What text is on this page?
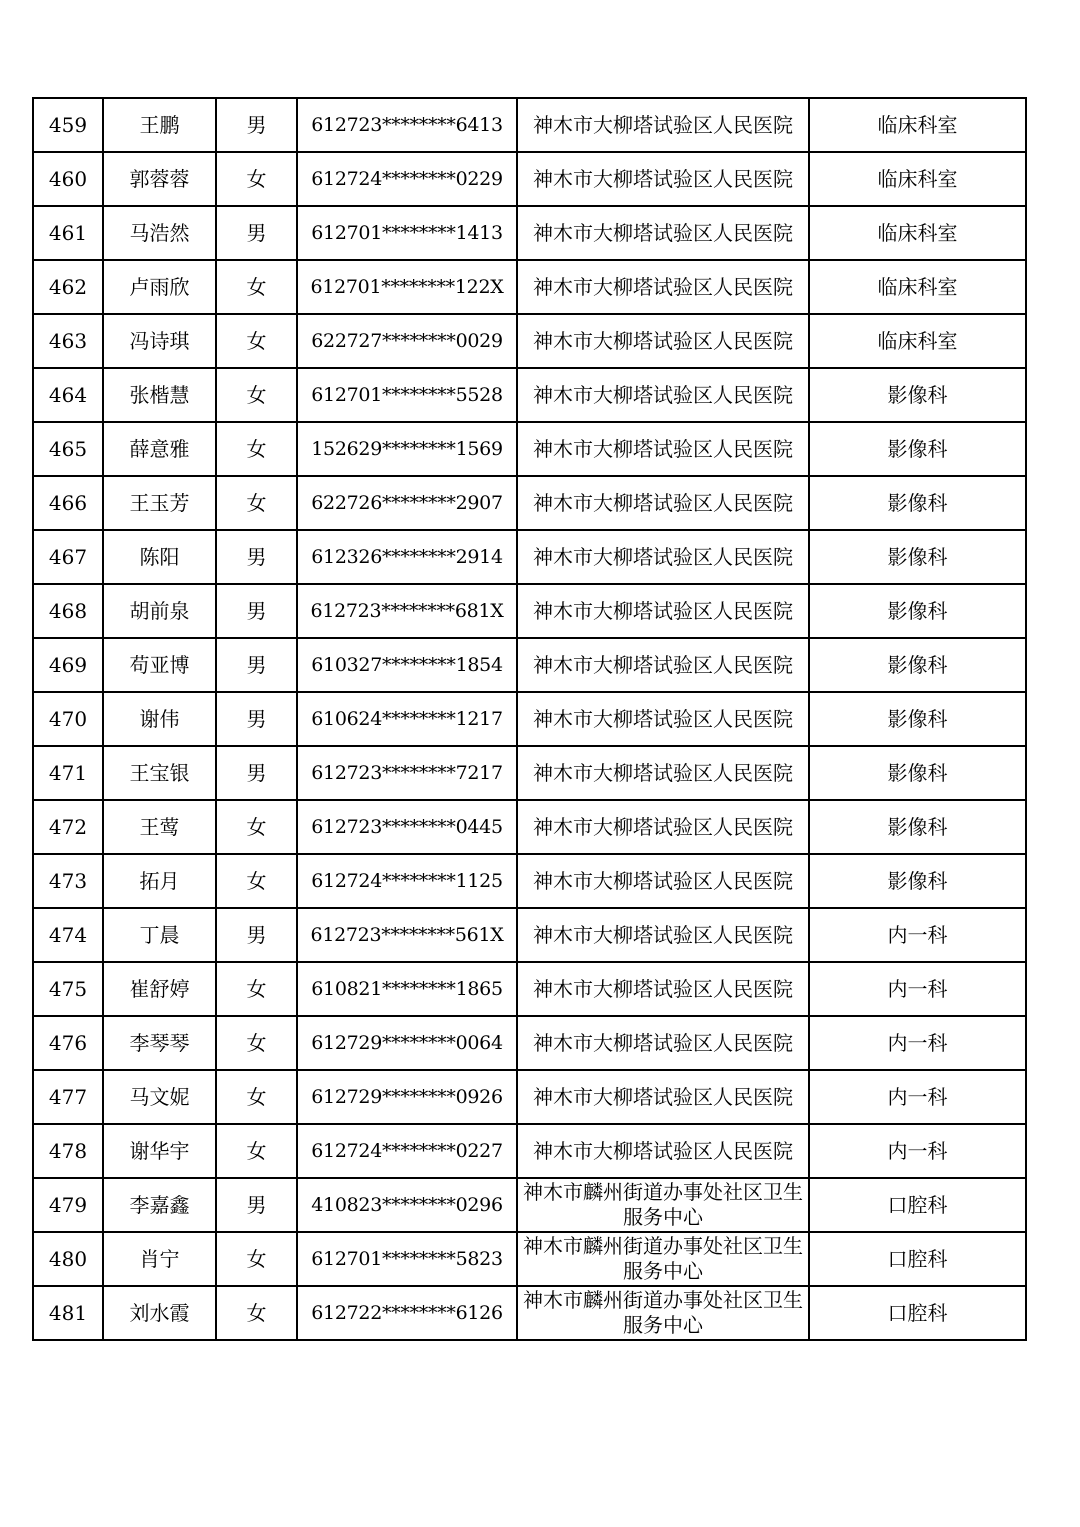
459	王鹏	男	612723********6413	神木市大柳塔试验区人民医院	临床科室
460	郭蓉蓉	女	612724********0229	神木市大柳塔试验区人民医院	临床科室
461	马浩然	男	612701********1413	神木市大柳塔试验区人民医院	临床科室
462	卢雨欣	女	612701********122X	神木市大柳塔试验区人民医院	临床科室
463	冯诗琪	女	622727********0029	神木市大柳塔试验区人民医院	临床科室
464	张楷慧	女	612701********5528	神木市大柳塔试验区人民医院	影像科
465	薛意雅	女	152629********1569	神木市大柳塔试验区人民医院	影像科
466	王玉芳	女	622726********2907	神木市大柳塔试验区人民医院	影像科
467	陈阳	男	612326********2914	神木市大柳塔试验区人民医院	影像科
468	胡前泉	男	612723********681X	神木市大柳塔试验区人民医院	影像科
469	苟亚博	男	610327********1854	神木市大柳塔试验区人民医院	影像科
470	谢伟	男	610624********1217	神木市大柳塔试验区人民医院	影像科
471	王宝银	男	612723********7217	神木市大柳塔试验区人民医院	影像科
472	王莺	女	612723********0445	神木市大柳塔试验区人民医院	影像科
473	拓月	女	612724********1125	神木市大柳塔试验区人民医院	影像科
474	丁晨	男	612723********561X	神木市大柳塔试验区人民医院	内一科
475	崔舒婷	女	610821********1865	神木市大柳塔试验区人民医院	内一科
476	李琴琴	女	612729********0064	神木市大柳塔试验区人民医院	内一科
477	马文妮	女	612729********0926	神木市大柳塔试验区人民医院	内一科
478	谢华宇	女	612724********0227	神木市大柳塔试验区人民医院	内一科
479	李嘉鑫	男	410823********0296	神木市麟州街道办事处社区卫生服务中心	口腔科
480	肖宁	女	612701********5823	神木市麟州街道办事处社区卫生服务中心	口腔科
481	刘水霞	女	612722********6126	神木市麟州街道办事处社区卫生服务中心	口腔科
